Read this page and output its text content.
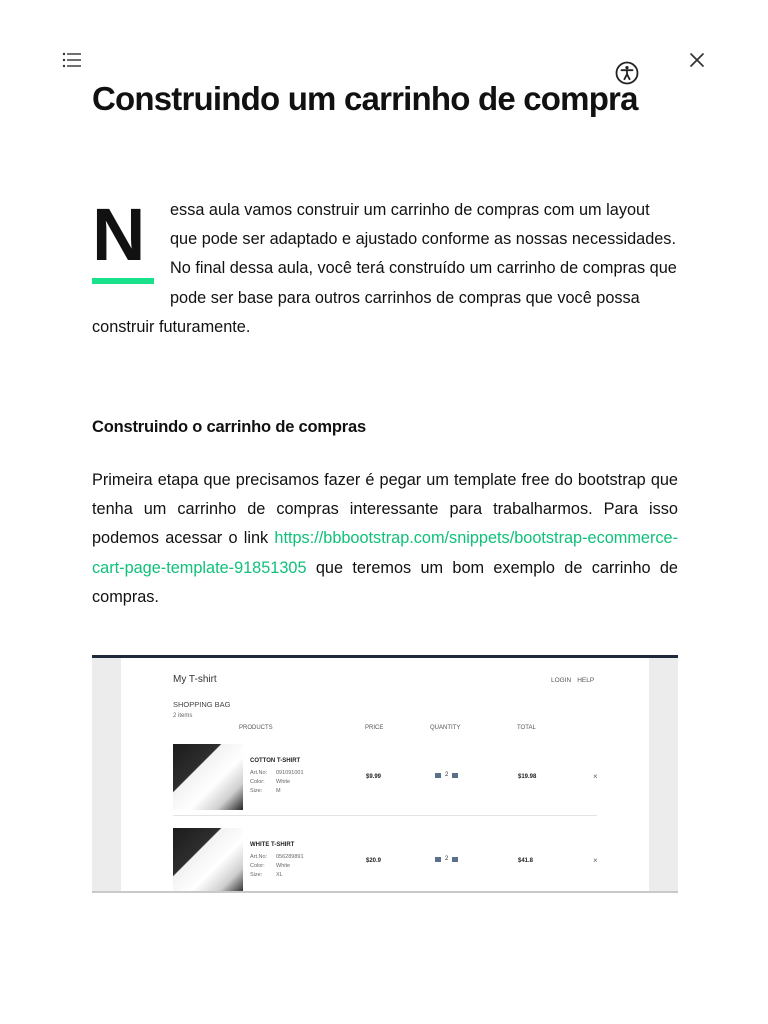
Construindo um carrinho de compra
N	essa aula vamos construir um carrinho de compras com um layout que pode ser adaptado e ajustado conforme as nossas necessidades. No final dessa aula, você terá construído um carrinho de compras que pode ser base para outros carrinhos de compras que você possa construir futuramente.

Construindo o carrinho de compras

Primeira etapa que precisamos fazer é pegar um template free do bootstrap que tenha um carrinho de compras interessante para trabalharmos. Para isso podemos acessar o link https://bbbootstrap.com/snippets/bootstrap-ecommerce-cart-page-template-91851305 que teremos um bom exemplo de carrinho de compras.

My T-shirt	LOGIN HELP
SHOPPING BAG
2 items
PRODUCTS	PRICE	QUANTITY	TOTAL
COTTON T-SHIRT
Art.No: 091091001
Color: White
Size:	M
$9.99	2	$19.98	×
WHITE T-SHIRT
Art.No: 056289891
Color: White
Size:	XL
$20.9	2	$41.8	×
